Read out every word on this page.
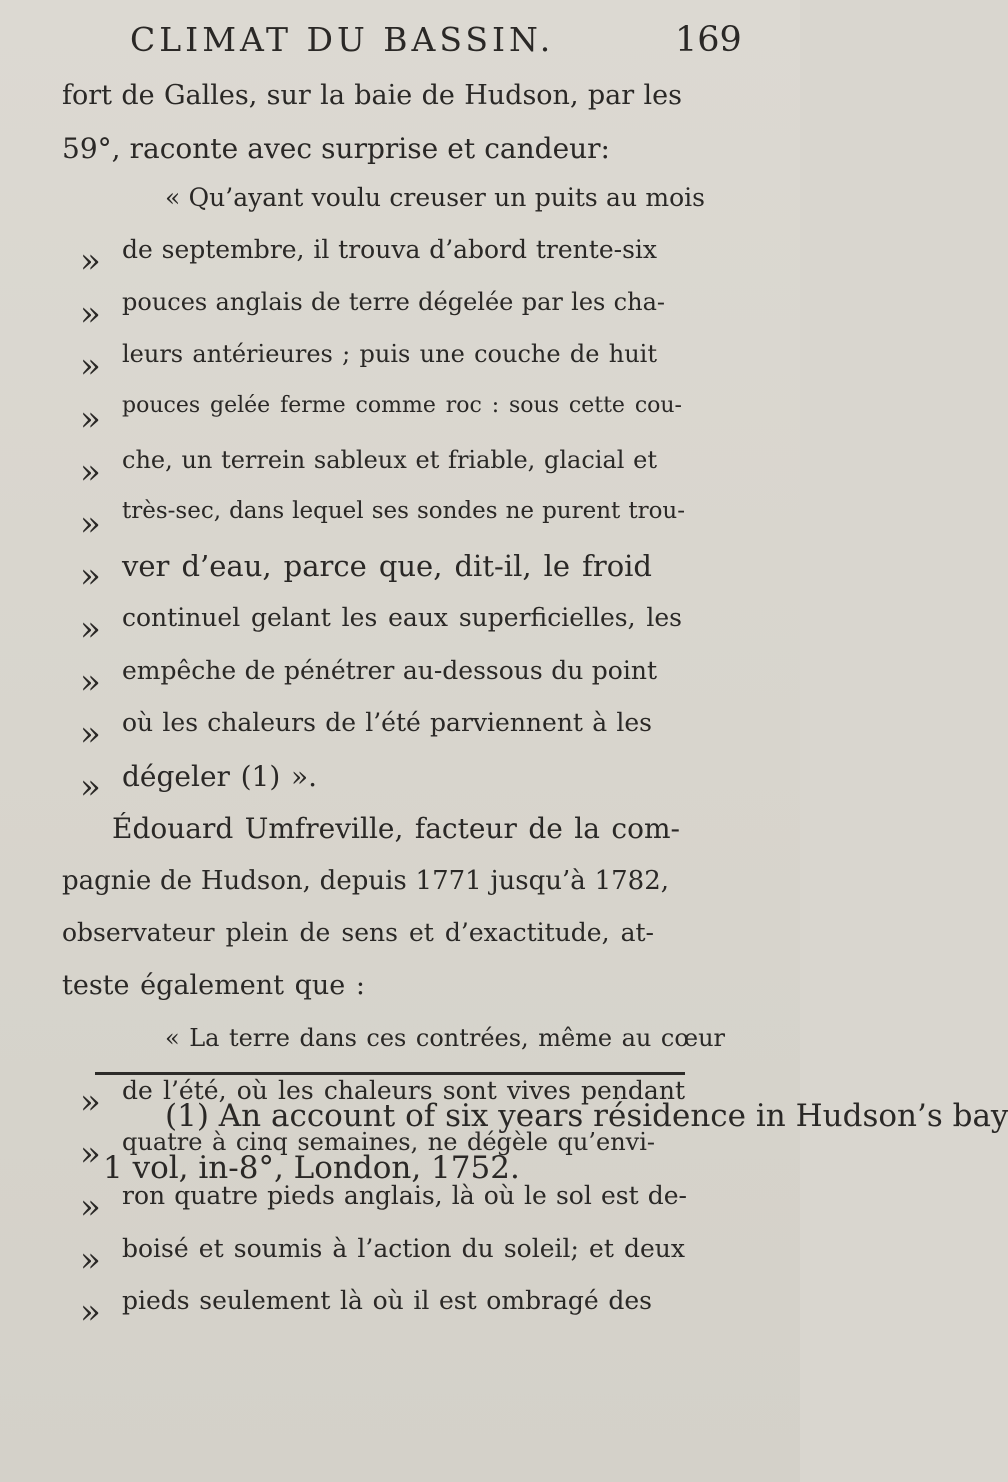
CLIMAT DU BASSIN.	169
fort de Galles, sur la baie de Hudson, par les
59°, raconte avec surprise et candeur:
« Qu’ayant voulu creuser un puits au mois
» de septembre, il trouva d’abord trente-six
» pouces anglais de terre dégelée par les cha-
» leurs antérieures ; puis une couche de huit
» pouces gelée ferme comme roc : sous cette cou-
» che, un terrein sableux et friable, glacial et
» très-sec, dans lequel ses sondes ne purent trou-
» ver d’eau, parce que, dit-il, le froid
» continuel gelant les eaux superficielles, les
» empêche de pénétrer au-dessous du point
» où les chaleurs de l’été parviennent à les
» dégeler (1) ».
Édouard Umfreville, facteur de la com-
pagnie de Hudson, depuis 1771 jusqu’à 1782,
observateur plein de sens et d’exactitude, at-
teste également que :
« La terre dans ces contrées, même au cœur
» de l’été, où les chaleurs sont vives pendant
» quatre à cinq semaines, ne dégèle qu’envi-
» ron quatre pieds anglais, là où le sol est de-
» boisé et soumis à l’action du soleil; et deux
» pieds seulement là où il est ombragé des
(1) An account of six years résidence in Hudson’s bay
1 vol, in-8°, London, 1752.
